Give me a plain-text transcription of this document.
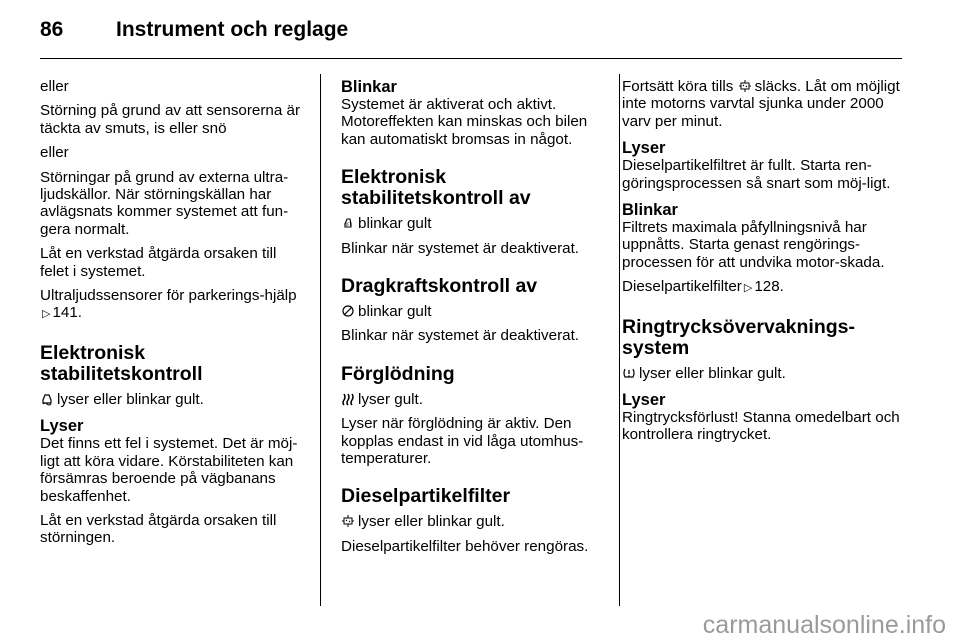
86	Instrument och reglage

eller

Störning på grund av att sensorerna är täckta av smuts, is eller snö

eller

Störningar på grund av externa ultra-ljudskällor. När störningskällan har avlägsnats kommer systemet att fun-gera normalt.

Låt en verkstad åtgärda orsaken till felet i systemet.

Ultraljudssensorer för parkerings-hjälp▷ 141.

Elektronisk stabilitetskontroll

lyser eller blinkar gult.

Lyser

Det finns ett fel i systemet. Det är möj-ligt att köra vidare. Körstabiliteten kan försämras beroende på vägbanans beskaffenhet.

Låt en verkstad åtgärda orsaken till störningen.

Blinkar

Systemet är aktiverat och aktivt. Motoreffekten kan minskas och bilen kan automatiskt bromsas in något.

Elektronisk stabilitetskontroll av

OFF blinkar gult

Blinkar när systemet är deaktiverat.

Dragkraftskontroll av

blinkar gult

Blinkar när systemet är deaktiverat.

Förglödning

lyser gult.

Lyser när förglödning är aktiv. Den kopplas endast in vid låga utomhus-temperaturer.

Dieselpartikelfilter

lyser eller blinkar gult.

Dieselpartikelfilter behöver rengöras.

Fortsätt köra tills släcks. Låt om möjligt inte motorns varvtal sjunka under 2000 varv per minut.

Lyser

Dieselpartikelfiltret är fullt. Starta ren-göringsprocessen så snart som möj-ligt.

Blinkar

Filtrets maximala påfyllningsnivå har uppnåtts. Starta genast rengörings-processen för att undvika motor-skada.

Dieselpartikelfilter ▷ 128.

Ringtrycksövervaknings-system

lyser eller blinkar gult.

Lyser

Ringtrycksförlust! Stanna omedelbart och kontrollera ringtrycket.

carmanualsonline.info
